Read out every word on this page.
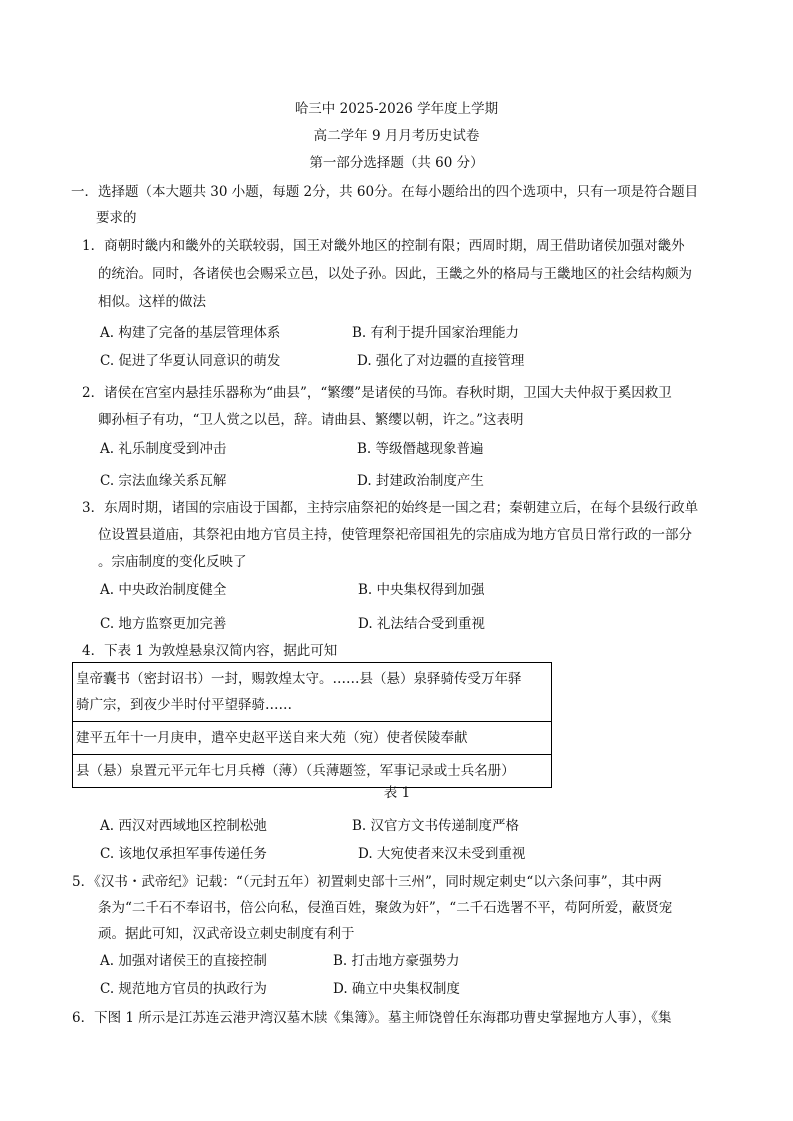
哈三中 2025-2026 学年度上学期
高二学年 9 月月考历史试卷
第一部分选择题（共 60 分）
一．选择题（本大题共 30 小题，每题 2分，共 60分。在每小题给出的四个选项中，只有一项是符合题目
要求的
1．商朝时畿内和畿外的关联较弱，国王对畿外地区的控制有限；西周时期，周王借助诸侯加强对畿外
的统治。同时，各诸侯也会赐采立邑，以处子孙。因此，王畿之外的格局与王畿地区的社会结构颇为
相似。这样的做法
A. 构建了完备的基层管理体系	B. 有利于提升国家治理能力
C. 促进了华夏认同意识的萌发	D. 强化了对边疆的直接管理
2．诸侯在宫室内悬挂乐器称为“曲县”，“繁缨”是诸侯的马饰。春秋时期，卫国大夫仲叔于奚因救卫
卿孙桓子有功，“卫人赏之以邑，辞。请曲县、繁缨以朝，许之。”这表明
A. 礼乐制度受到冲击	B. 等级僭越现象普遍
C. 宗法血缘关系瓦解	D. 封建政治制度产生
3．东周时期，诸国的宗庙设于国都，主持宗庙祭祀的始终是一国之君；秦朝建立后，在每个县级行政单
位设置县道庙，其祭祀由地方官员主持，使管理祭祀帝国祖先的宗庙成为地方官员日常行政的一部分
。宗庙制度的变化反映了
A. 中央政治制度健全	B. 中央集权得到加强
C. 地方监察更加完善	D. 礼法结合受到重视
4．下表 1 为敦煌悬泉汉简内容，据此可知
皇帝囊书（密封诏书）一封，赐敦煌太守。……县（悬）泉驿骑传受万年驿
骑广宗，到夜少半时付平望驿骑……

建平五年十一月庚申，遣卒史赵平送自来大苑（宛）使者侯陵奉献
县（悬）泉置元平元年七月兵樽（薄）（兵薄题签，军事记录或士兵名册）
表 1
A. 西汉对西域地区控制松弛	B. 汉官方文书传递制度严格
C. 该地仅承担军事传递任务	D. 大宛使者来汉未受到重视
5．《汉书・武帝纪》记载：“（元封五年）初置刺史部十三州”，同时规定刺史“以六条问事”，其中两
条为“二千石不奉诏书，倍公向私，侵渔百姓，聚敛为奸”，“二千石选署不平，苟阿所爱，蔽贤宠
顽。据此可知，汉武帝设立刺史制度有利于
A. 加强对诸侯王的直接控制	B. 打击地方豪强势力
C. 规范地方官员的执政行为	D. 确立中央集权制度
6．下图 1 所示是江苏连云港尹湾汉墓木牍《集簿》。墓主师饶曾任东海郡功曹史掌握地方人事），《集
